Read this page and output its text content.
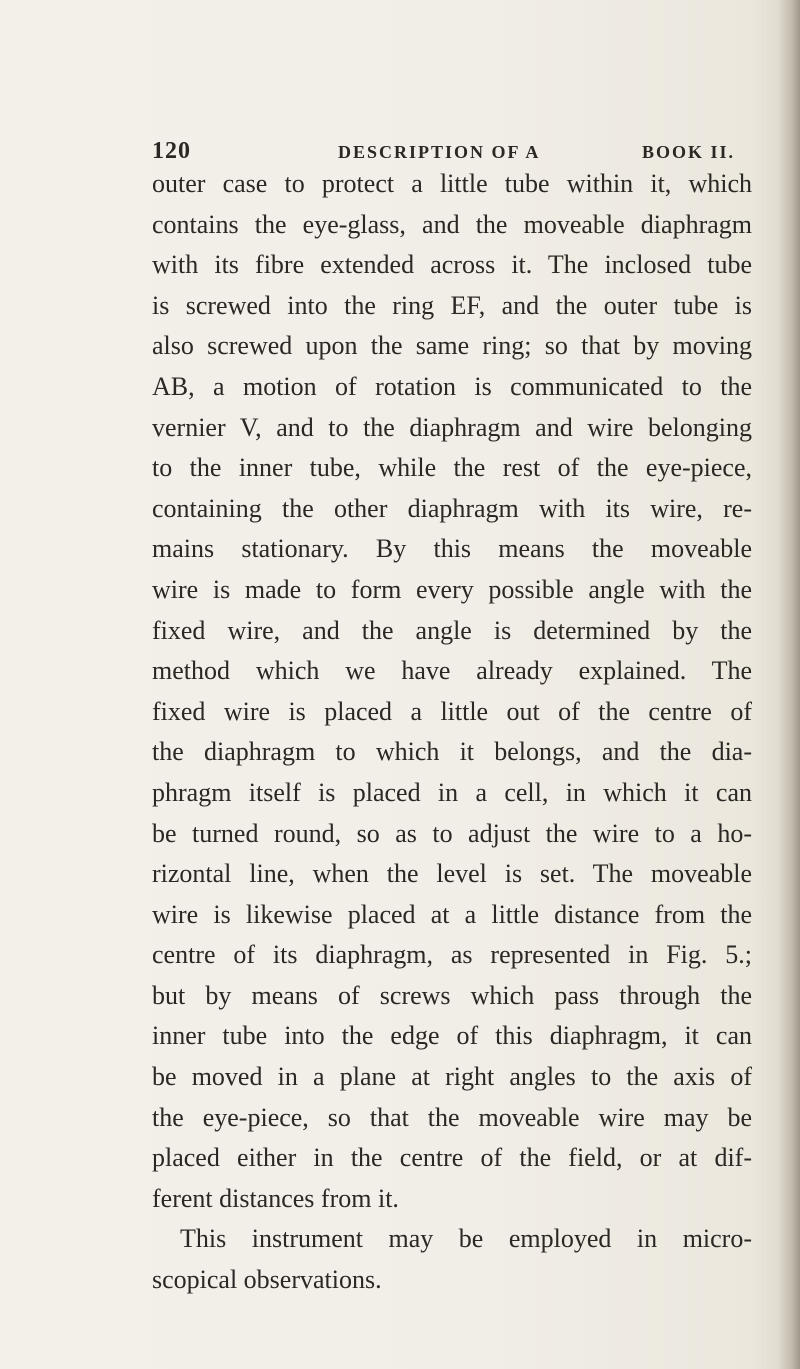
120	DESCRIPTION OF A	BOOK II.
outer case to protect a little tube within it, which
contains the eye-glass, and the moveable diaphragm
with its fibre extended across it. The inclosed tube
is screwed into the ring EF, and the outer tube is
also screwed upon the same ring; so that by moving
AB, a motion of rotation is communicated to the
vernier V, and to the diaphragm and wire belonging
to the inner tube, while the rest of the eye-piece,
containing the other diaphragm with its wire, re-
mains stationary. By this means the moveable
wire is made to form every possible angle with the
fixed wire, and the angle is determined by the
method which we have already explained. The
fixed wire is placed a little out of the centre of
the diaphragm to which it belongs, and the dia-
phragm itself is placed in a cell, in which it can
be turned round, so as to adjust the wire to a ho-
rizontal line, when the level is set. The moveable
wire is likewise placed at a little distance from the
centre of its diaphragm, as represented in Fig. 5.;
but by means of screws which pass through the
inner tube into the edge of this diaphragm, it can
be moved in a plane at right angles to the axis of
the eye-piece, so that the moveable wire may be
placed either in the centre of the field, or at dif-
ferent distances from it.
This instrument may be employed in micro-
scopical observations.
